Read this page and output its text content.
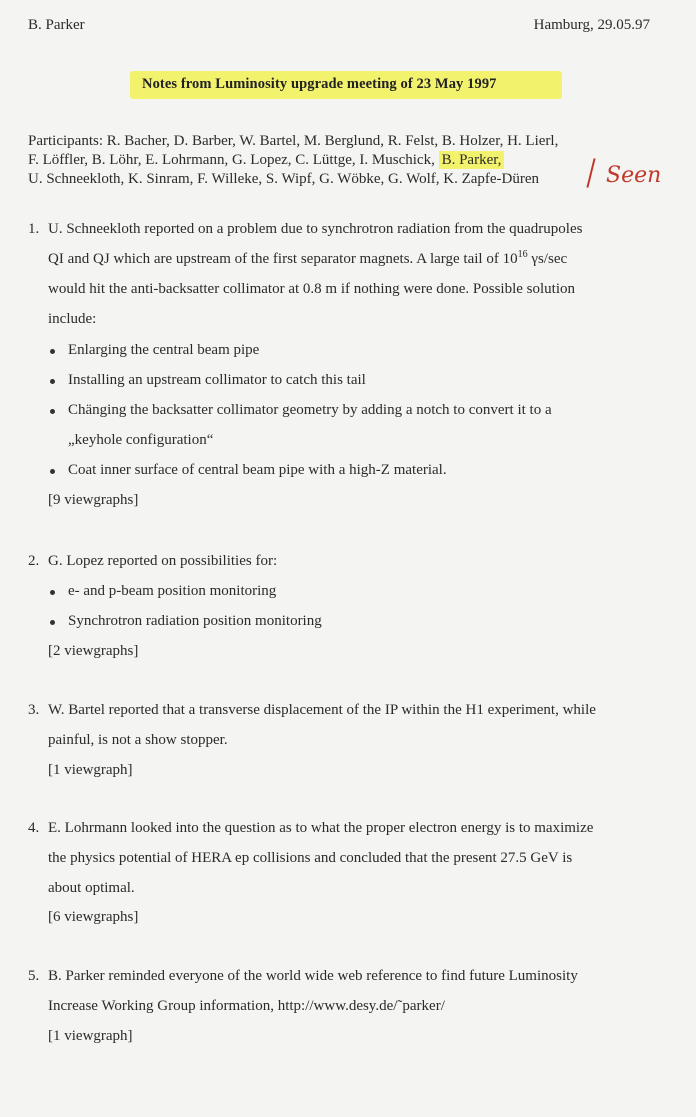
B. Parker	Hamburg, 29.05.97
Notes from Luminosity upgrade meeting of 23 May 1997
Participants: R. Bacher, D. Barber, W. Bartel, M. Berglund, R. Felst, B. Holzer, H. Lierl,
F. Löffler, B. Löhr, E. Lohrmann, G. Lopez, C. Lüttge, I. Muschick, B. Parker,
U. Schneekloth, K. Sinram, F. Willeke, S. Wipf, G. Wöbke, G. Wolf, K. Zapfe-Düren	Seen
1. U. Schneekloth reported on a problem due to synchrotron radiation from the quadrupoles
QI and QJ which are upstream of the first separator magnets. A large tail of $10^{16}$ γs/sec
would hit the anti-backsatter collimator at 0.8 m if nothing were done. Possible solution
include:
Enlarging the central beam pipe
Installing an upstream collimator to catch this tail
Chänging the backsatter collimator geometry by adding a notch to convert it to a
„keyhole configuration“
Coat inner surface of central beam pipe with a high-Z material.
[9 viewgraphs]
2. G. Lopez reported on possibilities for:
e- and p-beam position monitoring
Synchrotron radiation position monitoring
[2 viewgraphs]
3. W. Bartel reported that a transverse displacement of the IP within the H1 experiment, while
painful, is not a show stopper.
[1 viewgraph]
4. E. Lohrmann looked into the question as to what the proper electron energy is to maximize
the physics potential of HERA ep collisions and concluded that the present 27.5 GeV is
about optimal.
[6 viewgraphs]
5. B. Parker reminded everyone of the world wide web reference to find future Luminosity
Increase Working Group information, http://www.desy.de/˜parker/
[1 viewgraph]
